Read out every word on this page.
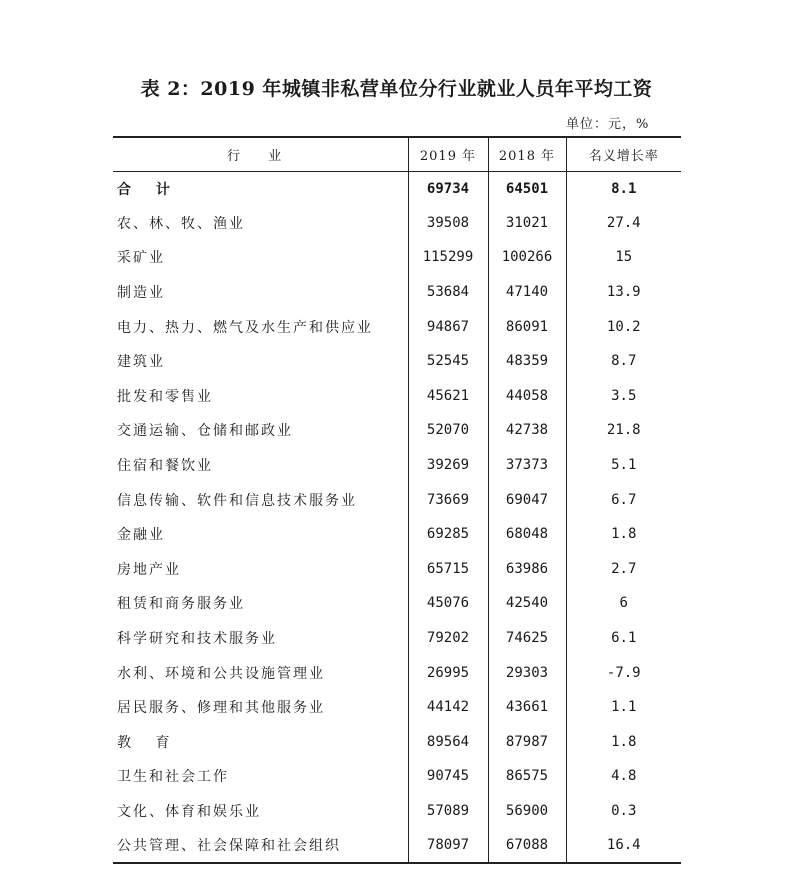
表 2：2019 年城镇非私营单位分行业就业人员年平均工资
单位：元，%
行 业	2019 年	2018 年	名义增长率
合 计	69734	64501	8.1
农、林、牧、渔业	39508	31021	27.4
采矿业	115299	100266	15
制造业	53684	47140	13.9
电力、热力、燃气及水生产和供应业	94867	86091	10.2
建筑业	52545	48359	8.7
批发和零售业	45621	44058	3.5
交通运输、仓储和邮政业	52070	42738	21.8
住宿和餐饮业	39269	37373	5.1
信息传输、软件和信息技术服务业	73669	69047	6.7
金融业	69285	68048	1.8
房地产业	65715	63986	2.7
租赁和商务服务业	45076	42540	6
科学研究和技术服务业	79202	74625	6.1
水利、环境和公共设施管理业	26995	29303	-7.9
居民服务、修理和其他服务业	44142	43661	1.1
教 育	89564	87987	1.8
卫生和社会工作	90745	86575	4.8
文化、体育和娱乐业	57089	56900	0.3
公共管理、社会保障和社会组织	78097	67088	16.4
